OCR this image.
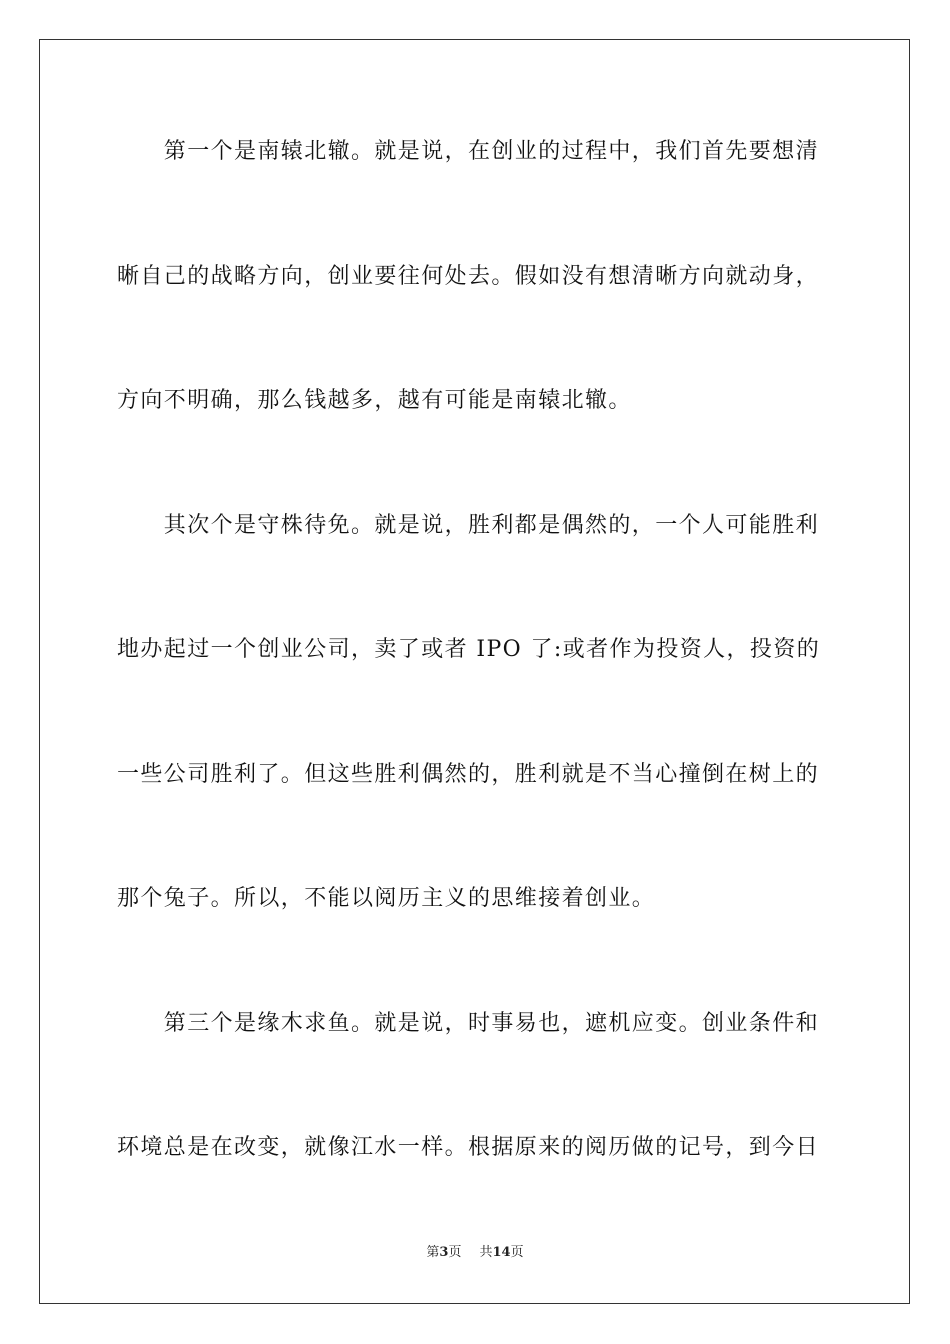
　　第一个是南辕北辙。就是说，在创业的过程中，我们首先要想清
晰自己的战略方向，创业要往何处去。假如没有想清晰方向就动身，
方向不明确，那么钱越多，越有可能是南辕北辙。
　　其次个是守株待免。就是说，胜利都是偶然的，一个人可能胜利
地办起过一个创业公司，卖了或者 IPO 了:或者作为投资人，投资的
一些公司胜利了。但这些胜利偶然的，胜利就是不当心撞倒在树上的
那个兔子。所以，不能以阅历主义的思维接着创业。
　　第三个是缘木求鱼。就是说，时事易也，遮机应变。创业条件和
环境总是在改变，就像江水一样。根据原来的阅历做的记号，到今日
第3页 共14页
